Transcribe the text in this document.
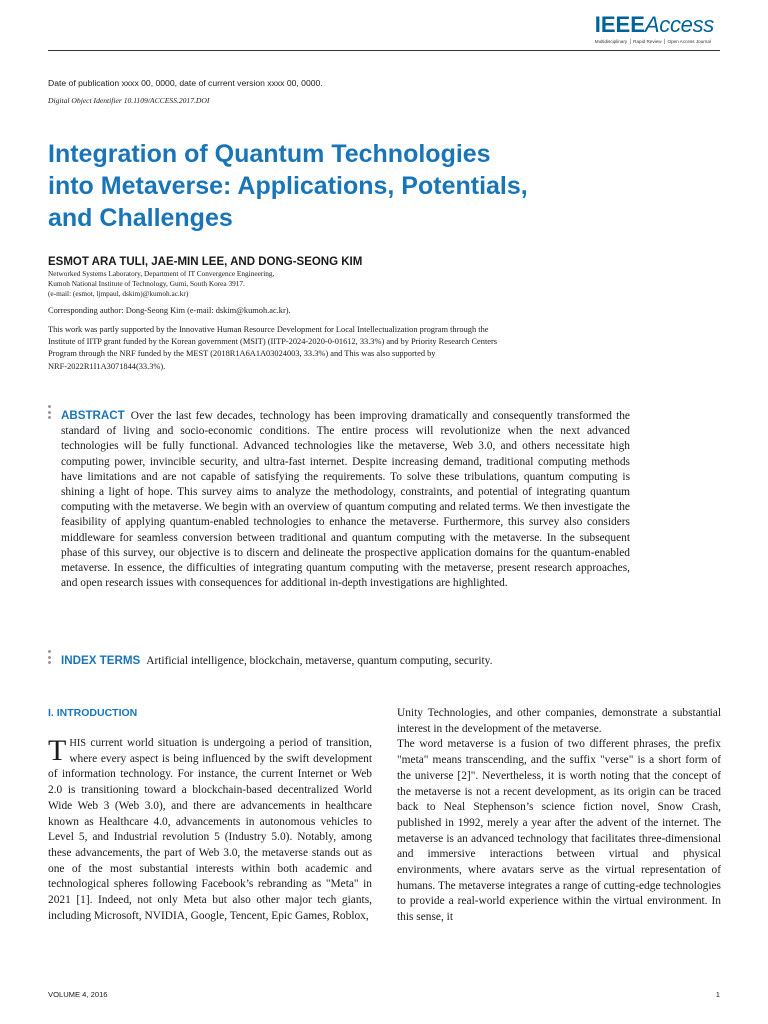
IEEEAccess
Multidisciplinary ⎪ Rapid Review ⎪ Open Access Journal
Date of publication xxxx 00, 0000, date of current version xxxx 00, 0000.
Digital Object Identifier 10.1109/ACCESS.2017.DOI
Integration of Quantum Technologies
into Metaverse: Applications, Potentials,
and Challenges
ESMOT ARA TULI, JAE-MIN LEE, AND DONG-SEONG KIM
Networked Systems Laboratory, Department of IT Convergence Engineering,
Kumoh National Institute of Technology, Gumi, South Korea 3917.
(e-mail: (esmot, ljmpaul, dskim)@kumoh.ac.kr)
Corresponding author: Dong-Seong Kim (e-mail: dskim@kumoh.ac.kr).
This work was partly supported by the Innovative Human Resource Development for Local Intellectualization program through the
Institute of IITP grant funded by the Korean government (MSIT) (IITP-2024-2020-0-01612, 33.3%) and by Priority Research Centers
Program through the NRF funded by the MEST (2018R1A6A1A03024003, 33.3%) and This was also supported by
NRF-2022R1I1A3071844(33.3%).

ABSTRACT Over the last few decades, technology has been improving dramatically and consequently transformed the standard of living and socio-economic conditions. The entire process will revolutionize when the next advanced technologies will be fully functional. Advanced technologies like the metaverse, Web 3.0, and others necessitate high computing power, invincible security, and ultra-fast internet. Despite increasing demand, traditional computing methods have limitations and are not capable of satisfying the requirements. To solve these tribulations, quantum computing is shining a light of hope. This survey aims to analyze the methodology, constraints, and potential of integrating quantum computing with the metaverse. We begin with an overview of quantum computing and related terms. We then investigate the feasibility of applying quantum-enabled technologies to enhance the metaverse. Furthermore, this survey also considers middleware for seamless conversion between traditional and quantum computing with the metaverse. In the subsequent phase of this survey, our objective is to discern and delineate the prospective application domains for the quantum-enabled metaverse. In essence, the difficulties of integrating quantum computing with the metaverse, present research approaches, and open research issues with consequences for additional in-depth investigations are highlighted.

INDEX TERMS Artificial intelligence, blockchain, metaverse, quantum computing, security.

I. INTRODUCTION

THIS current world situation is undergoing a period of transition, where every aspect is being influenced by the swift development of information technology. For instance, the current Internet or Web 2.0 is transitioning toward a blockchain-based decentralized World Wide Web 3 (Web 3.0), and there are advancements in healthcare known as Healthcare 4.0, advancements in autonomous vehicles to Level 5, and Industrial revolution 5 (Industry 5.0). Notably, among these advancements, the part of Web 3.0, the metaverse stands out as one of the most substantial interests within both academic and technological spheres following Facebook’s rebranding as "Meta" in 2021 [1]. Indeed, not only Meta but also other major tech giants, including Microsoft, NVIDIA, Google, Tencent, Epic Games, Roblox,

Unity Technologies, and other companies, demonstrate a substantial interest in the development of the metaverse.

The word metaverse is a fusion of two different phrases, the prefix "meta" means transcending, and the suffix "verse" is a short form of the universe [2]". Nevertheless, it is worth noting that the concept of the metaverse is not a recent development, as its origin can be traced back to Neal Stephenson’s science fiction novel, Snow Crash, published in 1992, merely a year after the advent of the internet. The metaverse is an advanced technology that facilitates three-dimensional and immersive interactions between virtual and physical environments, where avatars serve as the virtual representation of humans. The metaverse integrates a range of cutting-edge technologies to provide a real-world experience within the virtual environment. In this sense, it

VOLUME 4, 2016	1
